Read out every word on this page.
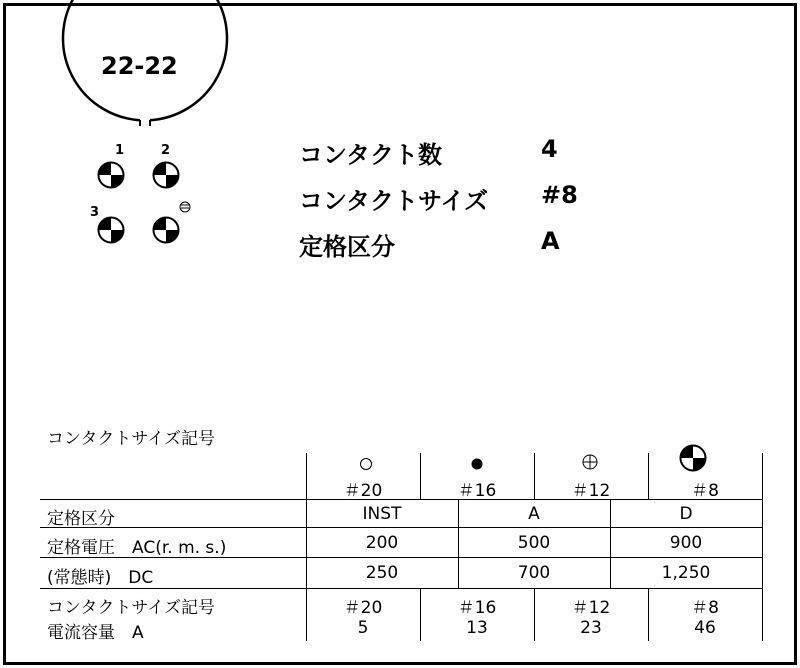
22-22
1	2
3
コンタクト数	4
コンタクトサイズ #8
定格区分	A
コンタクトサイズ記号
＃20	＃16	＃12	＃8
定格区分	INST	A	D
定格電圧　AC(r. m. s.)	200	500	900
(常態時)　DC	250	700	1,250
コンタクトサイズ記号	＃20	＃16	＃12	＃8
電流容量　A	5	13	23	46
